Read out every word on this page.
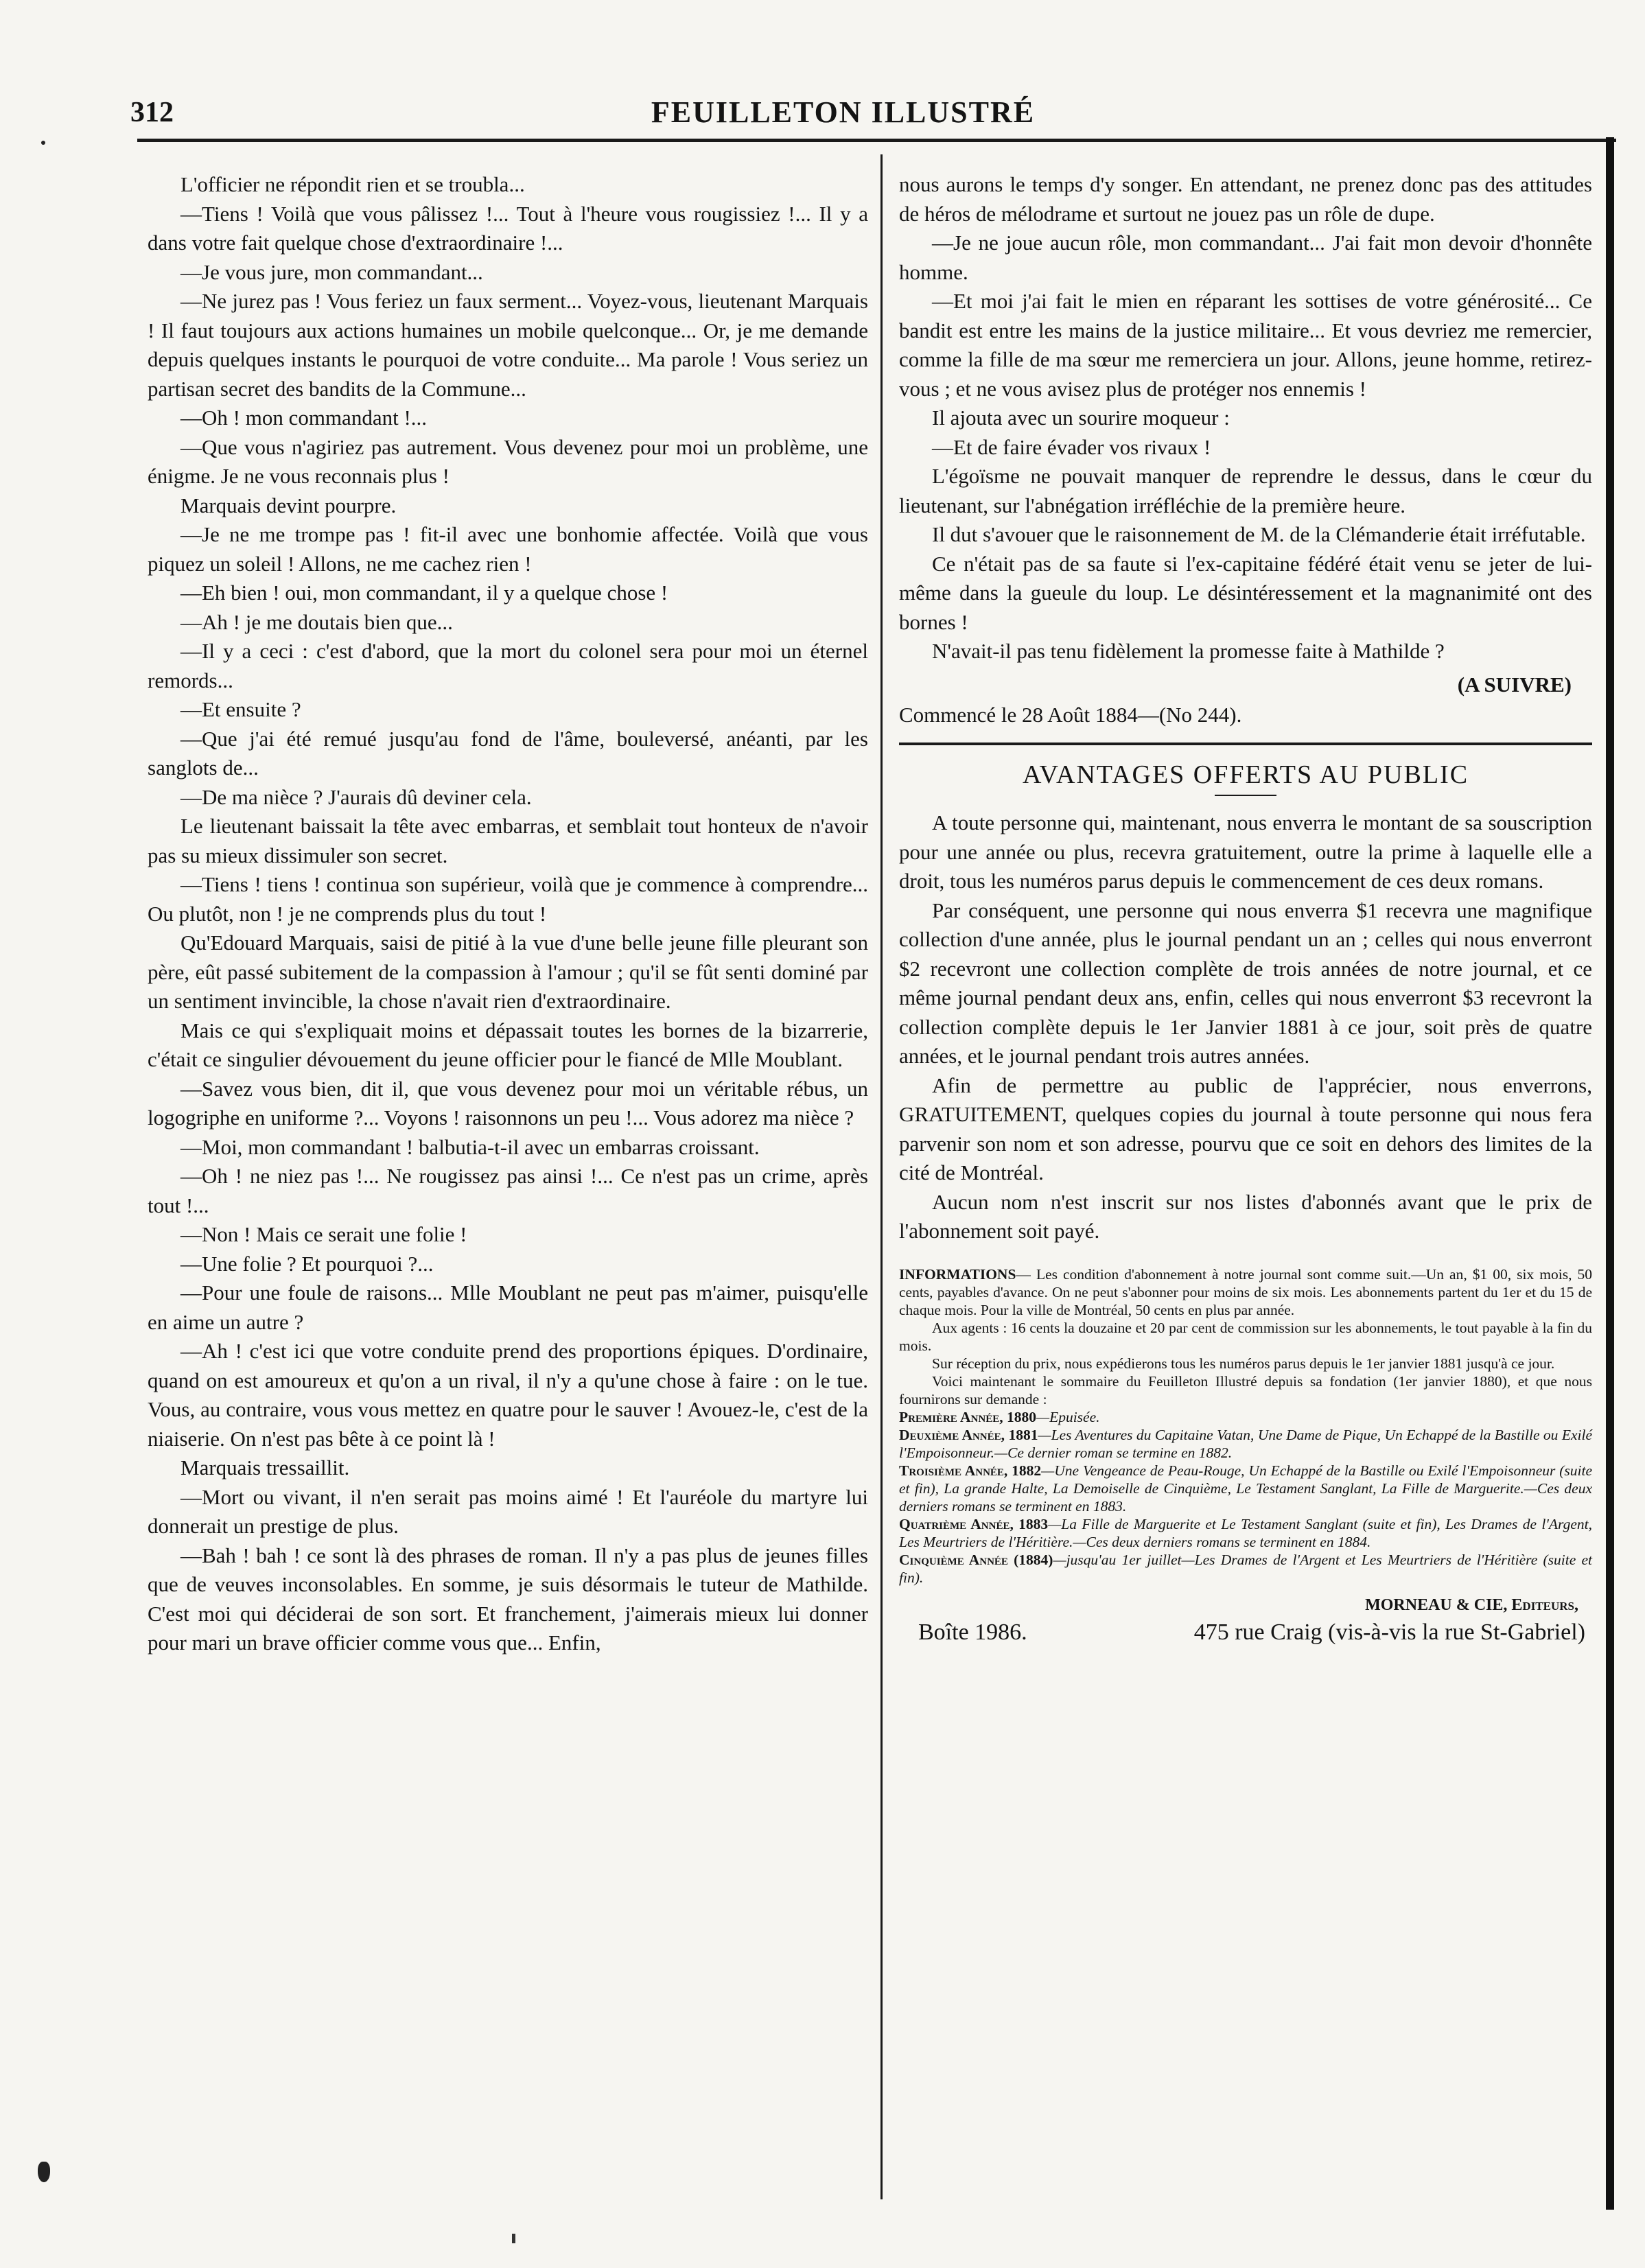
312	FEUILLETON ILLUSTRÉ

L'officier ne répondit rien et se troubla...

—Tiens ! Voilà que vous pâlissez !... Tout à l'heure vous rougissiez !... Il y a dans votre fait quelque chose d'extraordinaire !...

—Je vous jure, mon commandant...

—Ne jurez pas ! Vous feriez un faux serment... Voyez-vous, lieutenant Marquais ! Il faut toujours aux actions humaines un mobile quelconque... Or, je me demande depuis quelques instants le pourquoi de votre conduite... Ma parole ! Vous seriez un partisan secret des bandits de la Commune...

—Oh ! mon commandant !...

—Que vous n'agiriez pas autrement. Vous devenez pour moi un problème, une énigme. Je ne vous reconnais plus !

Marquais devint pourpre.

—Je ne me trompe pas ! fit-il avec une bonhomie affectée. Voilà que vous piquez un soleil ! Allons, ne me cachez rien !

—Eh bien ! oui, mon commandant, il y a quelque chose !

—Ah ! je me doutais bien que...

—Il y a ceci : c'est d'abord, que la mort du colonel sera pour moi un éternel remords...

—Et ensuite ?

—Que j'ai été remué jusqu'au fond de l'âme, bouleversé, anéanti, par les sanglots de...

—De ma nièce ? J'aurais dû deviner cela.

Le lieutenant baissait la tête avec embarras, et semblait tout honteux de n'avoir pas su mieux dissimuler son secret.

—Tiens ! tiens ! continua son supérieur, voilà que je commence à comprendre... Ou plutôt, non ! je ne comprends plus du tout !

Qu'Edouard Marquais, saisi de pitié à la vue d'une belle jeune fille pleurant son père, eût passé subitement de la compassion à l'amour ; qu'il se fût senti dominé par un sentiment invincible, la chose n'avait rien d'extraordinaire.

Mais ce qui s'expliquait moins et dépassait toutes les bornes de la bizarrerie, c'était ce singulier dévouement du jeune officier pour le fiancé de Mlle Moublant.

—Savez vous bien, dit il, que vous devenez pour moi un véritable rébus, un logogriphe en uniforme ?... Voyons ! raisonnons un peu !... Vous adorez ma nièce ?

—Moi, mon commandant ! balbutia-t-il avec un embarras croissant.

—Oh ! ne niez pas !... Ne rougissez pas ainsi !... Ce n'est pas un crime, après tout !...

—Non ! Mais ce serait une folie !

—Une folie ? Et pourquoi ?...

—Pour une foule de raisons... Mlle Moublant ne peut pas m'aimer, puisqu'elle en aime un autre ?

—Ah ! c'est ici que votre conduite prend des proportions épiques. D'ordinaire, quand on est amoureux et qu'on a un rival, il n'y a qu'une chose à faire : on le tue. Vous, au contraire, vous vous mettez en quatre pour le sauver ! Avouez-le, c'est de la niaiserie. On n'est pas bête à ce point là !

Marquais tressaillit.

—Mort ou vivant, il n'en serait pas moins aimé ! Et l'auréole du martyre lui donnerait un prestige de plus.

—Bah ! bah ! ce sont là des phrases de roman. Il n'y a pas plus de jeunes filles que de veuves inconsolables. En somme, je suis désormais le tuteur de Mathilde. C'est moi qui déciderai de son sort. Et franchement, j'aimerais mieux lui donner pour mari un brave officier comme vous que... Enfin,

nous aurons le temps d'y songer. En attendant, ne prenez donc pas des attitudes de héros de mélodrame et surtout ne jouez pas un rôle de dupe.

—Je ne joue aucun rôle, mon commandant... J'ai fait mon devoir d'honnête homme.

—Et moi j'ai fait le mien en réparant les sottises de votre générosité... Ce bandit est entre les mains de la justice militaire... Et vous devriez me remercier, comme la fille de ma sœur me remerciera un jour. Allons, jeune homme, retirez-vous ; et ne vous avisez plus de protéger nos ennemis !

Il ajouta avec un sourire moqueur :

—Et de faire évader vos rivaux !

L'égoïsme ne pouvait manquer de reprendre le dessus, dans le cœur du lieutenant, sur l'abnégation irréfléchie de la première heure.

Il dut s'avouer que le raisonnement de M. de la Clémanderie était irréfutable.

Ce n'était pas de sa faute si l'ex-capitaine fédéré était venu se jeter de lui-même dans la gueule du loup. Le désintéressement et la magnanimité ont des bornes !

N'avait-il pas tenu fidèlement la promesse faite à Mathilde ?

(A SUIVRE)

Commencé le 28 Août 1884—(No 244).

AVANTAGES OFFERTS AU PUBLIC

A toute personne qui, maintenant, nous enverra le montant de sa souscription pour une année ou plus, recevra gratuitement, outre la prime à laquelle elle a droit, tous les numéros parus depuis le commencement de ces deux romans.

Par conséquent, une personne qui nous enverra $1 recevra une magnifique collection d'une année, plus le journal pendant un an ; celles qui nous enverront $2 recevront une collection complète de trois années de notre journal, et ce même journal pendant deux ans, enfin, celles qui nous enverront $3 recevront la collection complète depuis le 1er Janvier 1881 à ce jour, soit près de quatre années, et le journal pendant trois autres années.

Afin de permettre au public de l'apprécier, nous enverrons, GRATUITEMENT, quelques copies du journal à toute personne qui nous fera parvenir son nom et son adresse, pourvu que ce soit en dehors des limites de la cité de Montréal.

Aucun nom n'est inscrit sur nos listes d'abonnés avant que le prix de l'abonnement soit payé.

INFORMATIONS— Les condition d'abonnement à notre journal sont comme suit.—Un an, $1 00, six mois, 50 cents, payables d'avance. On ne peut s'abonner pour moins de six mois. Les abonnements partent du 1er et du 15 de chaque mois. Pour la ville de Montréal, 50 cents en plus par année.

Aux agents : 16 cents la douzaine et 20 par cent de commission sur les abonnements, le tout payable à la fin du mois.

Sur réception du prix, nous expédierons tous les numéros parus depuis le 1er janvier 1881 jusqu'à ce jour.

Voici maintenant le sommaire du Feuilleton Illustré depuis sa fondation (1er janvier 1880), et que nous fournirons sur demande :

Première Année, 1880—Epuisée.

Deuxième Année, 1881—Les Aventures du Capitaine Vatan, Une Dame de Pique, Un Echappé de la Bastille ou Exilé l'Empoisonneur.—Ce dernier roman se termine en 1882.

Troisième Année, 1882—Une Vengeance de Peau-Rouge, Un Echappé de la Bastille ou Exilé l'Empoisonneur (suite et fin), La grande Halte, La Demoiselle de Cinquième, Le Testament Sanglant, La Fille de Marguerite.—Ces deux derniers romans se terminent en 1883.

Quatrième Année, 1883—La Fille de Marguerite et Le Testament Sanglant (suite et fin), Les Drames de l'Argent, Les Meurtriers de l'Héritière.—Ces deux derniers romans se terminent en 1884.

Cinquième Année (1884)—jusqu'au 1er juillet—Les Drames de l'Argent et Les Meurtriers de l'Héritière (suite et fin).

MORNEAU & CIE, Editeurs,
Boîte 1986.	475 rue Craig (vis-à-vis la rue St-Gabriel)
